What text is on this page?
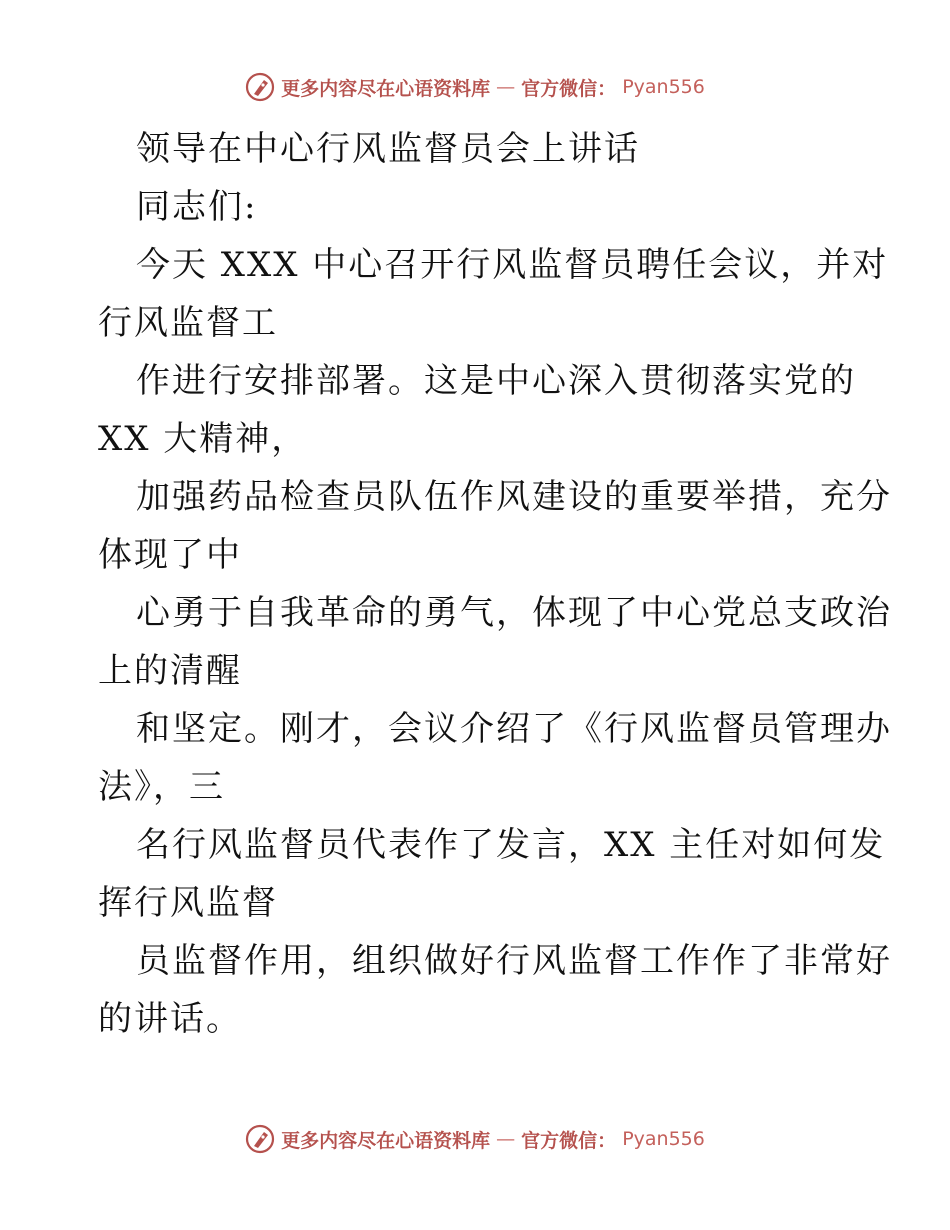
更多内容尽在心语资料库 — 官方微信： Pyan556
领导在中心行风监督员会上讲话
同志们:
今天 XXX 中心召开行风监督员聘任会议，并对
行风监督工
作进行安排部署。这是中心深入贯彻落实党的
XX 大精神，
加强药品检查员队伍作风建设的重要举措，充分
体现了中
心勇于自我革命的勇气，体现了中心党总支政治
上的清醒
和坚定。刚才，会议介绍了《行风监督员管理办
法》，三
名行风监督员代表作了发言，XX 主任对如何发
挥行风监督
员监督作用，组织做好行风监督工作作了非常好
的讲话。
更多内容尽在心语资料库 — 官方微信： Pyan556
